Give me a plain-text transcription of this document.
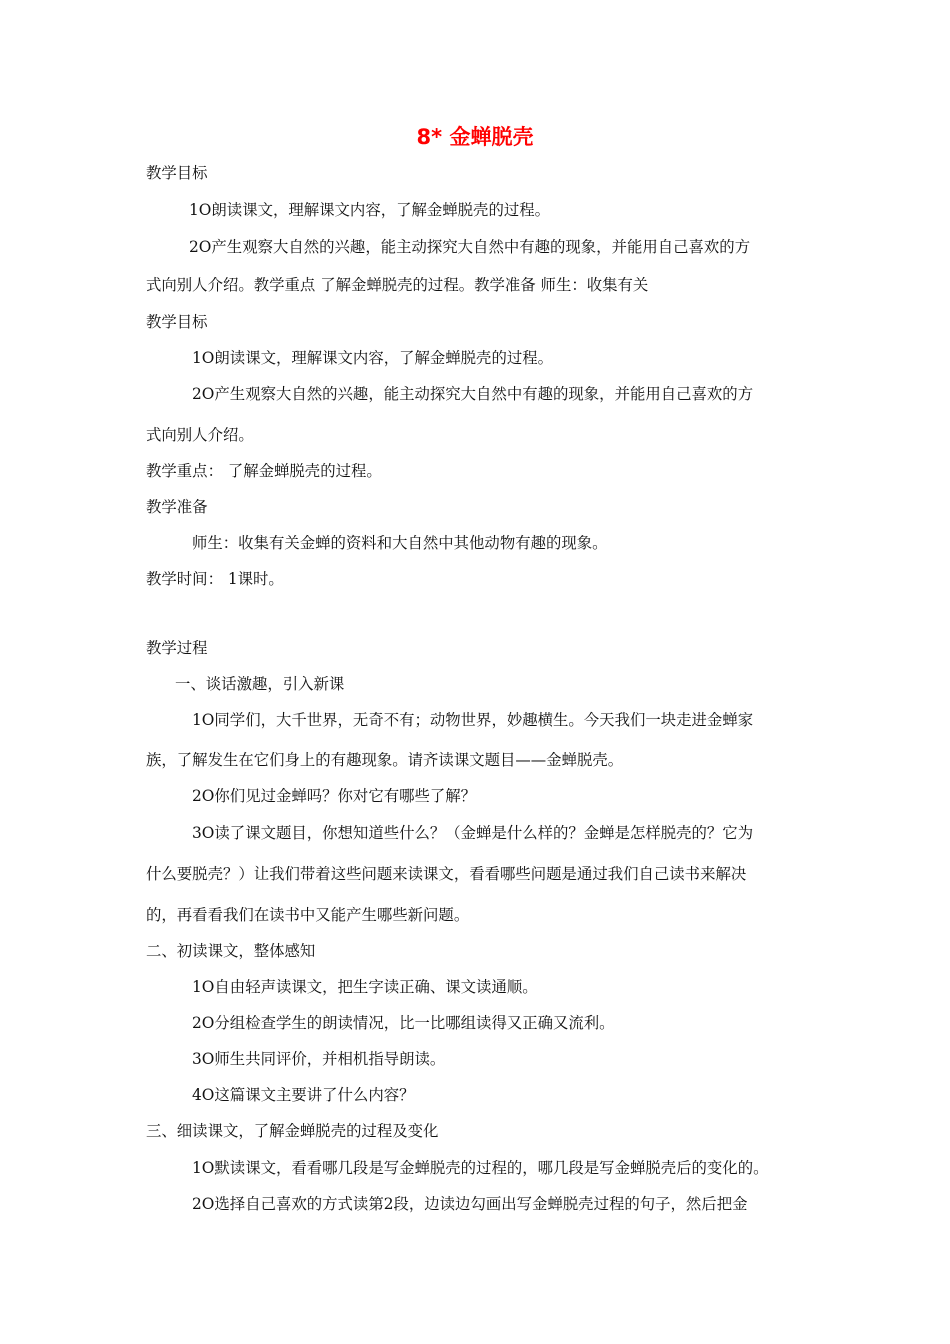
8* 金蝉脱壳
教学目标
1O朗读课文，理解课文内容，了解金蝉脱壳的过程。
2O产生观察大自然的兴趣，能主动探究大自然中有趣的现象，并能用自己喜欢的方
式向别人介绍。教学重点 了解金蝉脱壳的过程。教学准备 师生：收集有关
教学目标
1O朗读课文，理解课文内容，了解金蝉脱壳的过程。
2O产生观察大自然的兴趣，能主动探究大自然中有趣的现象，并能用自己喜欢的方
式向别人介绍。
教学重点： 了解金蝉脱壳的过程。
教学准备
师生：收集有关金蝉的资料和大自然中其他动物有趣的现象。
教学时间： 1课时。
教学过程
一、谈话激趣，引入新课
1O同学们，大千世界，无奇不有；动物世界，妙趣横生。今天我们一块走进金蝉家
族，了解发生在它们身上的有趣现象。请齐读课文题目——金蝉脱壳。
2O你们见过金蝉吗？你对它有哪些了解？
3O读了课文题目，你想知道些什么？（金蝉是什么样的？金蝉是怎样脱壳的？它为
什么要脱壳？）让我们带着这些问题来读课文，看看哪些问题是通过我们自己读书来解决
的，再看看我们在读书中又能产生哪些新问题。
二、初读课文，整体感知
1O自由轻声读课文，把生字读正确、课文读通顺。
2O分组检查学生的朗读情况，比一比哪组读得又正确又流利。
3O师生共同评价，并相机指导朗读。
4O这篇课文主要讲了什么内容？
三、细读课文，了解金蝉脱壳的过程及变化
1O默读课文，看看哪几段是写金蝉脱壳的过程的，哪几段是写金蝉脱壳后的变化的。
2O选择自己喜欢的方式读第2段，边读边勾画出写金蝉脱壳过程的句子，然后把金
